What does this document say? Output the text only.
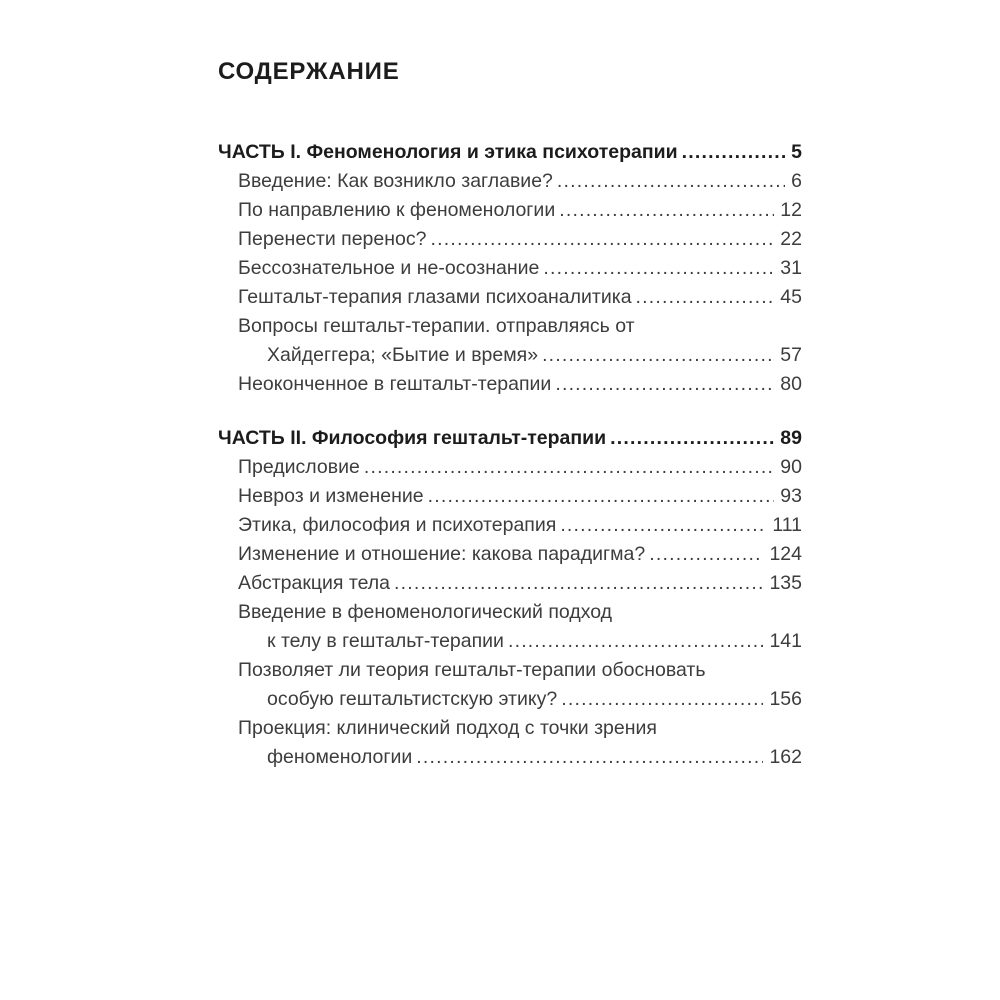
СОДЕРЖАНИЕ
ЧАСТЬ I. Феноменология и этика психотерапии .....	5
Введение: Как возникло заглавие? .....	6
По направлению к феноменологии .....	12
Перенести перенос? .....	22
Бессознательное и не-осознание .....	31
Гештальт-терапия глазами психоаналитика .....	45
Вопросы гештальт-терапии. отправляясь от
Хайдеггера; «Бытие и время» .....	57
Неоконченное в гештальт-терапии .....	80
ЧАСТЬ II. Философия гештальт-терапии .....	89
Предисловие .....	90
Невроз и изменение .....	93
Этика, философия и психотерапия .....	111
Изменение и отношение: какова парадигма? .....	124
Абстракция тела .....	135
Введение в феноменологический подход
к телу в гештальт-терапии .....	141
Позволяет ли теория гештальт-терапии обосновать
особую гештальтистскую этику? .....	156
Проекция: клинический подход с точки зрения
феноменологии .....	162
